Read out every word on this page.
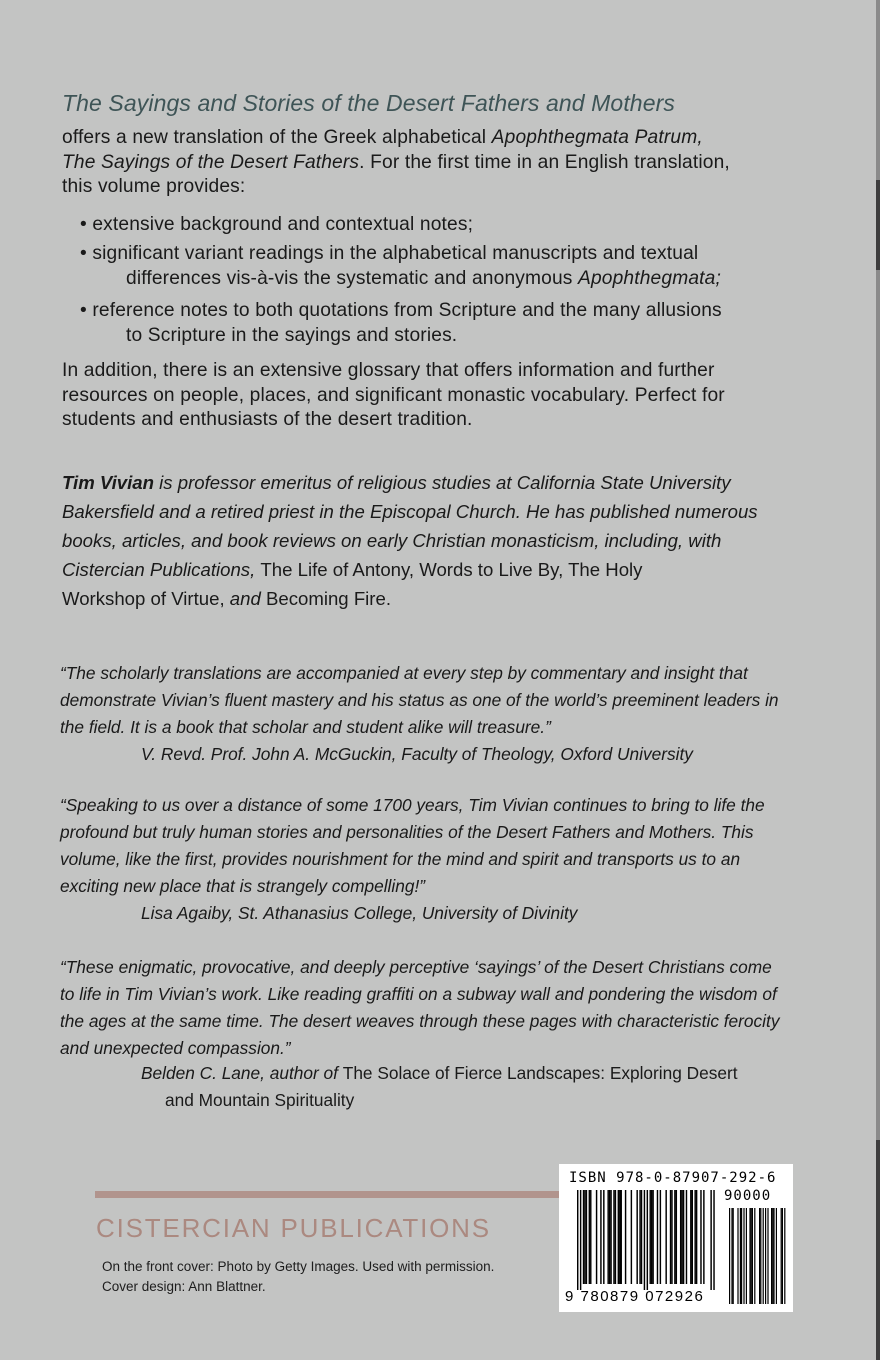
The Sayings and Stories of the Desert Fathers and Mothers
offers a new translation of the Greek alphabetical Apophthegmata Patrum,
The Sayings of the Desert Fathers. For the first time in an English translation,
this volume provides:
• extensive background and contextual notes;
• significant variant readings in the alphabetical manuscripts and textual
differences vis-à-vis the systematic and anonymous Apophthegmata;
• reference notes to both quotations from Scripture and the many allusions
to Scripture in the sayings and stories.
In addition, there is an extensive glossary that offers information and further
resources on people, places, and significant monastic vocabulary. Perfect for
students and enthusiasts of the desert tradition.
Tim Vivian is professor emeritus of religious studies at California State University
Bakersfield and a retired priest in the Episcopal Church. He has published numerous
books, articles, and book reviews on early Christian monasticism, including, with
Cistercian Publications, The Life of Antony, Words to Live By, The Holy
Workshop of Virtue, and Becoming Fire.
“The scholarly translations are accompanied at every step by commentary and insight that
demonstrate Vivian’s fluent mastery and his status as one of the world’s preeminent leaders in
the field. It is a book that scholar and student alike will treasure.”
V. Revd. Prof. John A. McGuckin, Faculty of Theology, Oxford University
“Speaking to us over a distance of some 1700 years, Tim Vivian continues to bring to life the
profound but truly human stories and personalities of the Desert Fathers and Mothers. This
volume, like the first, provides nourishment for the mind and spirit and transports us to an
exciting new place that is strangely compelling!”
Lisa Agaiby, St. Athanasius College, University of Divinity
“These enigmatic, provocative, and deeply perceptive ‘sayings’ of the Desert Christians come
to life in Tim Vivian’s work. Like reading graffiti on a subway wall and pondering the wisdom of
the ages at the same time. The desert weaves through these pages with characteristic ferocity
and unexpected compassion.”
Belden C. Lane, author of The Solace of Fierce Landscapes: Exploring Desert
and Mountain Spirituality
CISTERCIAN PUBLICATIONS
On the front cover: Photo by Getty Images. Used with permission.
Cover design: Ann Blattner.
ISBN 978-0-87907-292-6
90000
9 780879 072926
